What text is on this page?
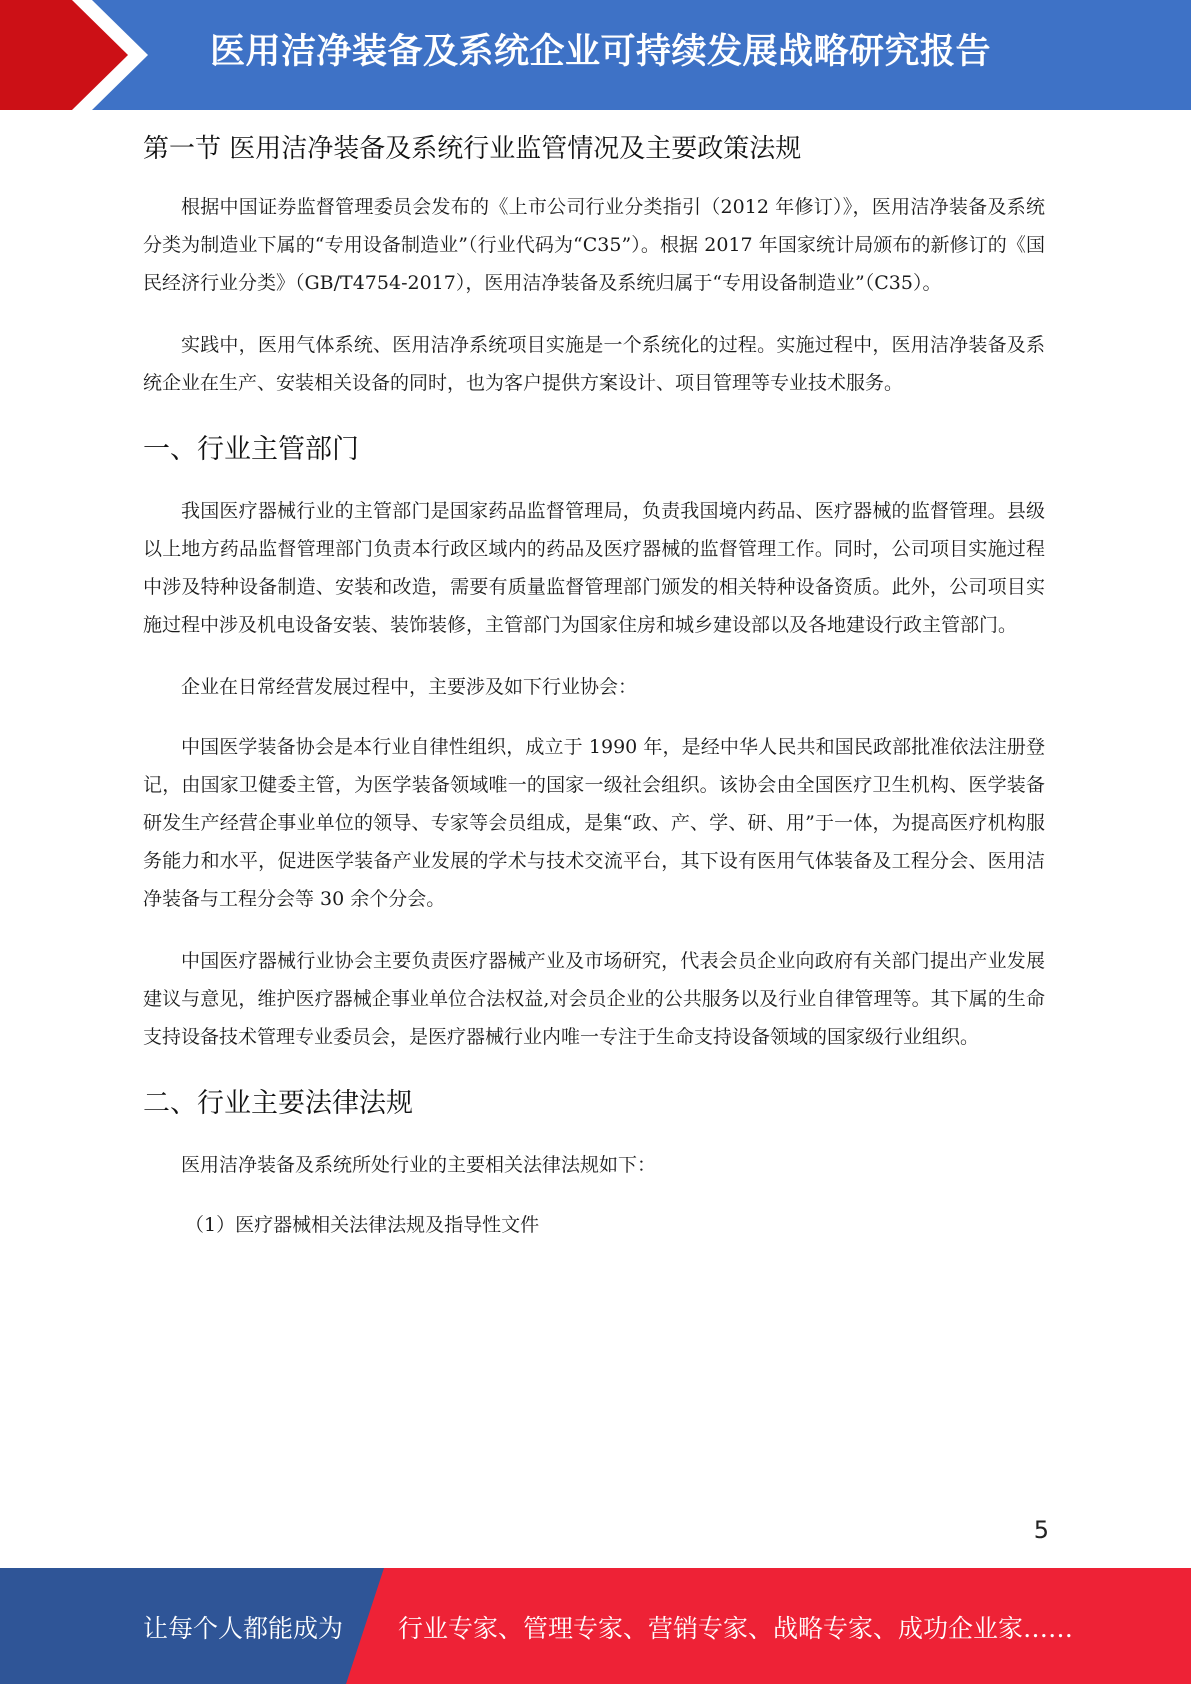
医用洁净装备及系统企业可持续发展战略研究报告
第一节 医用洁净装备及系统行业监管情况及主要政策法规

根据中国证券监督管理委员会发布的《上市公司行业分类指引（2012 年修订）》，医用洁净装备及系统分类为制造业下属的“专用设备制造业”（行业代码为“C35”）。根据 2017 年国家统计局颁布的新修订的《国民经济行业分类》（GB/T4754-2017），医用洁净装备及系统归属于“专用设备制造业”（C35）。

实践中，医用气体系统、医用洁净系统项目实施是一个系统化的过程。实施过程中，医用洁净装备及系统企业在生产、安装相关设备的同时，也为客户提供方案设计、项目管理等专业技术服务。

一、行业主管部门

我国医疗器械行业的主管部门是国家药品监督管理局，负责我国境内药品、医疗器械的监督管理。县级以上地方药品监督管理部门负责本行政区域内的药品及医疗器械的监督管理工作。同时，公司项目实施过程中涉及特种设备制造、安装和改造，需要有质量监督管理部门颁发的相关特种设备资质。此外，公司项目实施过程中涉及机电设备安装、装饰装修，主管部门为国家住房和城乡建设部以及各地建设行政主管部门。

企业在日常经营发展过程中，主要涉及如下行业协会：

中国医学装备协会是本行业自律性组织，成立于 1990 年，是经中华人民共和国民政部批准依法注册登记，由国家卫健委主管，为医学装备领域唯一的国家一级社会组织。该协会由全国医疗卫生机构、医学装备研发生产经营企事业单位的领导、专家等会员组成，是集“政、产、学、研、用”于一体，为提高医疗机构服务能力和水平，促进医学装备产业发展的学术与技术交流平台，其下设有医用气体装备及工程分会、医用洁净装备与工程分会等 30 余个分会。

中国医疗器械行业协会主要负责医疗器械产业及市场研究，代表会员企业向政府有关部门提出产业发展建议与意见，维护医疗器械企事业单位合法权益,对会员企业的公共服务以及行业自律管理等。其下属的生命支持设备技术管理专业委员会，是医疗器械行业内唯一专注于生命支持设备领域的国家级行业组织。

二、行业主要法律法规

医用洁净装备及系统所处行业的主要相关法律法规如下：

（1）医疗器械相关法律法规及指导性文件

5
让每个人都能成为 行业专家、管理专家、营销专家、战略专家、成功企业家……
